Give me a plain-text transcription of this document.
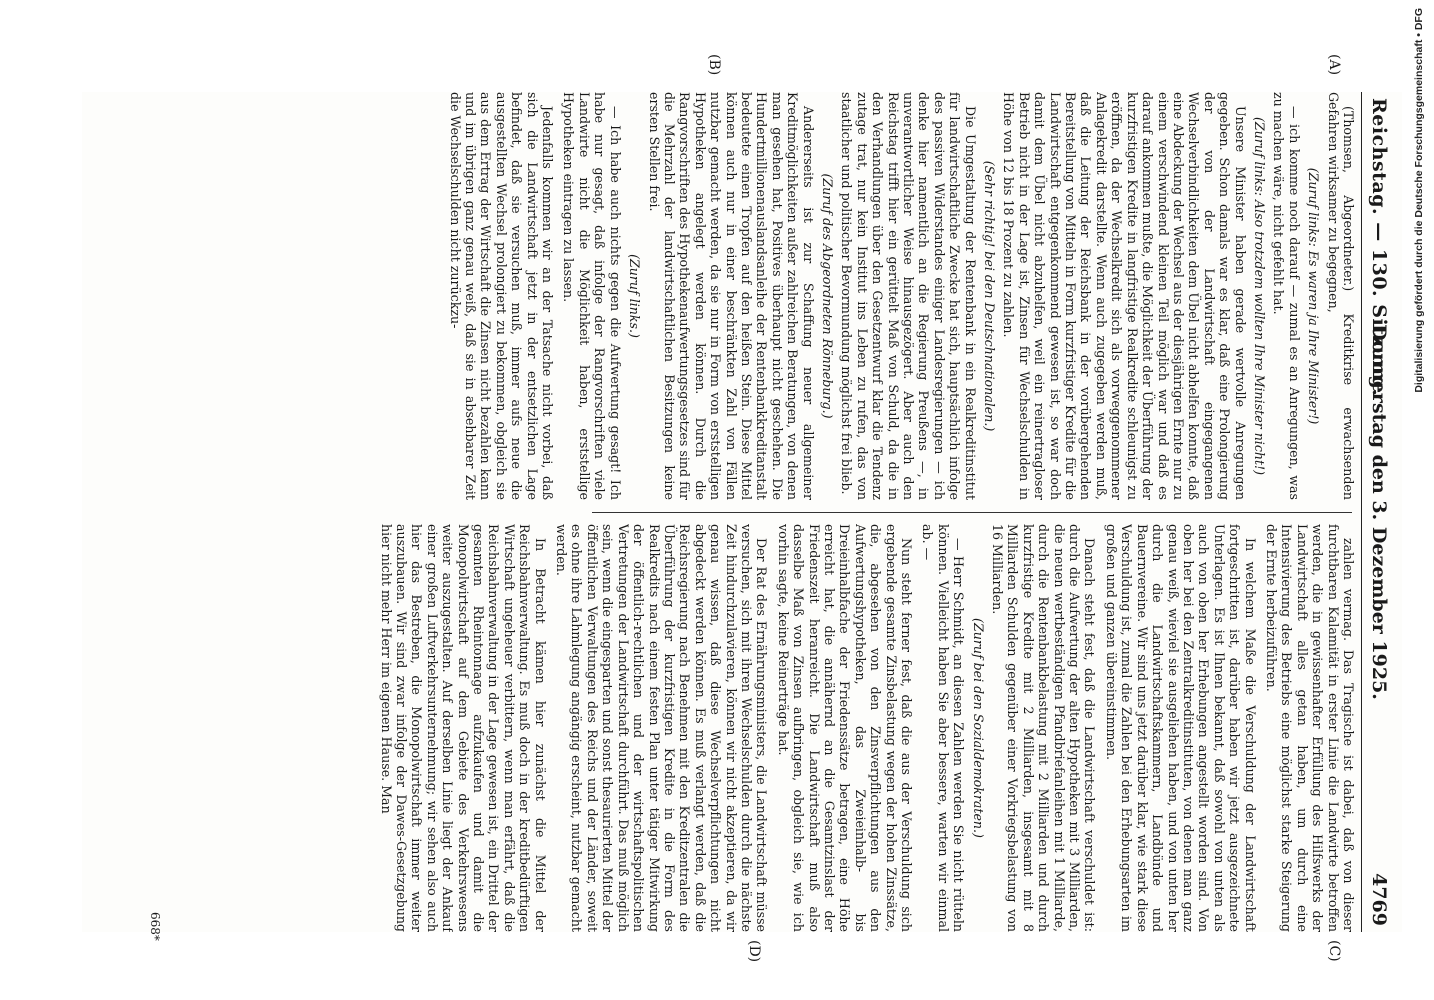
Reichstag. — 130. Sitzung.
Donnerstag den 3. Dezember 1925.
4769

(Thomsen, Abgeordneter.) Kreditkrise erwachsenden Gefahren wirksamer zu begegnen,

(Zuruf links: Es waren ja Ihre Minister!)

— ich komme noch darauf — zumal es an Anregungen, was zu machen wäre, nicht gefehlt hat.

(Zuruf links: Also trotzdem wollten Ihre Minister nicht!)

Unsere Minister haben gerade wertvolle Anregungen gegeben. Schon damals war es klar, daß eine Prolongierung der von der Landwirtschaft eingegangenen Wechselverbindlichkeiten dem Übel nicht abhelfen konnte, daß eine Abdeckung der Wechsel aus der diesjährigen Ernte nur zu einem verschwindend kleinen Teil möglich war und daß es darauf ankommen mußte, die Möglichkeit der Überführung der kurzfristigen Kredite in langfristige Realkredite schleunigst zu eröffnen, da der Wechselkredit sich als vorweggenommener Anlagekredit darstellte. Wenn auch zugegeben werden muß, daß die Leitung der Reichsbank in der vorübergehenden Bereitstellung von Mitteln in Form kurzfristiger Kredite für die Landwirtschaft entgegenkommend gewesen ist, so war doch damit dem Übel nicht abzuhelfen, weil ein reinertragloser Betrieb nicht in der Lage ist, Zinsen für Wechselschulden in Höhe von 12 bis 18 Prozent zu zahlen.

(Sehr richtig! bei den Deutschnationalen.)

Die Umgestaltung der Rentenbank in ein Realkreditinstitut für landwirtschaftliche Zwecke hat sich, hauptsächlich infolge des passiven Widerstandes einiger Landesregierungen — ich denke hier namentlich an die Regierung Preußens —, in unverantwortlicher Weise hinausgezögert. Aber auch den Reichstag trifft hier ein gerüttelt Maß von Schuld, da die in den Verhandlungen über den Gesetzentwurf klar die Tendenz zutage trat, nur kein Institut ins Leben zu rufen, das von staatlicher und politischer Bevormundung möglichst frei blieb.

(Zuruf des Abgeordneten Rönneburg.)

Andererseits ist zur Schaffung neuer allgemeiner Kreditmöglichkeiten außer zahlreichen Beratungen, von denen man gesehen hat, Positives überhaupt nicht geschehen. Die Hundertmillionenauslandsanleihe der Rentenbankkreditanstalt bedeutete einen Tropfen auf den heißen Stein. Diese Mittel können auch nur in einer beschränkten Zahl von Fällen nutzbar gemacht werden, da sie nur in Form von erststelligen Hypotheken angelegt werden können. Durch die Rangvorschriften des Hypothekenaufwertungsgesetzes sind für die Mehrzahl der landwirtschaftlichen Besitzungen keine ersten Stellen frei.

(Zuruf links.)

— Ich habe auch nichts gegen die Aufwertung gesagt! Ich habe nur gesagt, daß infolge der Rangvorschriften viele Landwirte nicht die Möglichkeit haben, erststellige Hypotheken eintragen zu lassen.

Jedenfalls kommen wir an der Tatsache nicht vorbei, daß sich die Landwirtschaft jetzt in der entsetzlichen Lage befindet, daß sie versuchen muß, immer aufs neue die ausgestellten Wechsel prolongiert zu bekommen, obgleich sie aus dem Ertrag der Wirtschaft die Zinsen nicht bezahlen kann und im übrigen ganz genau weiß, daß sie in absehbarer Zeit die Wechselschulden nicht zurückzu-

zahlen vermag. Das Tragische ist dabei, daß von dieser furchtbaren Kalamität in erster Linie die Landwirte betroffen werden, die in gewissenhafter Erfüllung des Hilfswerks der Landwirtschaft alles getan haben, um durch eine Intensivierung des Betriebs eine möglichst starke Steigerung der Ernte herbeizuführen.

In welchem Maße die Verschuldung der Landwirtschaft fortgeschritten ist, darüber haben wir jetzt ausgezeichnete Unterlagen. Es ist Ihnen bekannt, daß sowohl von unten als auch von oben her Erhebungen angestellt worden sind. Von oben her bei den Zentralkreditinstituten, von denen man ganz genau weiß, wieviel sie ausgeliehen haben, und von unten her durch die Landwirtschaftskammern, Landbünde und Bauernvereine. Wir sind uns jetzt darüber klar, wie stark diese Verschuldung ist, zumal die Zahlen bei den Erhebungsarten im großen und ganzen übereinstimmen.

Danach steht fest, daß die Landwirtschaft verschuldet ist: durch die Aufwertung der alten Hypotheken mit 3 Milliarden, die neuen wertbeständigen Pfandbriefanleihen mit 1 Milliarde, durch die Rentenbankbelastung mit 2 Milliarden und durch kurzfristige Kredite mit 2 Milliarden, insgesamt mit 8 Milliarden Schulden gegenüber einer Vorkriegsbelastung von 16 Milliarden.

(Zuruf bei den Sozialdemokraten.)

— Herr Schmidt, an diesen Zahlen werden Sie nicht rütteln können. Vielleicht haben Sie aber bessere, warten wir einmal ab. —

Nun steht ferner fest, daß die aus der Verschuldung sich ergebende gesamte Zinsbelastung wegen der hohen Zinssätze, die, abgesehen von den Zinsverpflichtungen aus den Aufwertungshypotheken, das Zweieinhalb- bis Dreieinhalbfache der Friedenssätze betragen, eine Höhe erreicht hat, die annähernd an die Gesamtzinslast der Friedenszeit heranreicht. Die Landwirtschaft muß also dasselbe Maß von Zinsen aufbringen, obgleich sie, wie ich vorhin sagte, keine Reinerträge hat.

Der Rat des Ernährungsministers, die Landwirtschaft müsse versuchen, sich mit ihren Wechselschulden durch die nächste Zeit hindurchzulavieren, können wir nicht akzeptieren, da wir genau wissen, daß diese Wechselverpflichtungen nicht abgedeckt werden können. Es muß verlangt werden, daß die Reichsregierung nach Benehmen mit den Kreditzentralen die Überführung der kurzfristigen Kredite in die Form des Realkredits nach einem festen Plan unter tätiger Mitwirkung der öffentlich-rechtlichen und der wirtschaftspolitischen Vertretungen der Landwirtschaft durchführt. Das muß möglich sein, wenn die eingesparten und sonst thesaurierten Mittel der öffentlichen Verwaltungen des Reichs und der Länder, soweit es ohne ihre Lahmlegung angängig erscheint, nutzbar gemacht werden.

In Betracht kämen hier zunächst die Mittel der Reichsbahnverwaltung. Es muß doch in der kreditbedürftigen Wirtschaft ungeheuer verbittern, wenn man erfährt, daß die Reichsbahnverwaltung in der Lage gewesen ist, ein Drittel der gesamten Rheintonnage aufzukaufen und damit die Monopolwirtschaft auf dem Gebiete des Verkehrswesens weiter auszugestalten. Auf derselben Linie liegt der Ankauf einer großen Luftverkehrsunternehmung; wir sehen also auch hier das Bestreben, die Monopolwirtschaft immer weiter auszubauen. Wir sind zwar infolge der Dawes-Gesetzgebung hier nicht mehr Herr im eigenen Hause. Man

(A)
(B)
(C)
(D)
668*
Digitalisierung gefördert durch die Deutsche Forschungsgemeinschaft • DFG
